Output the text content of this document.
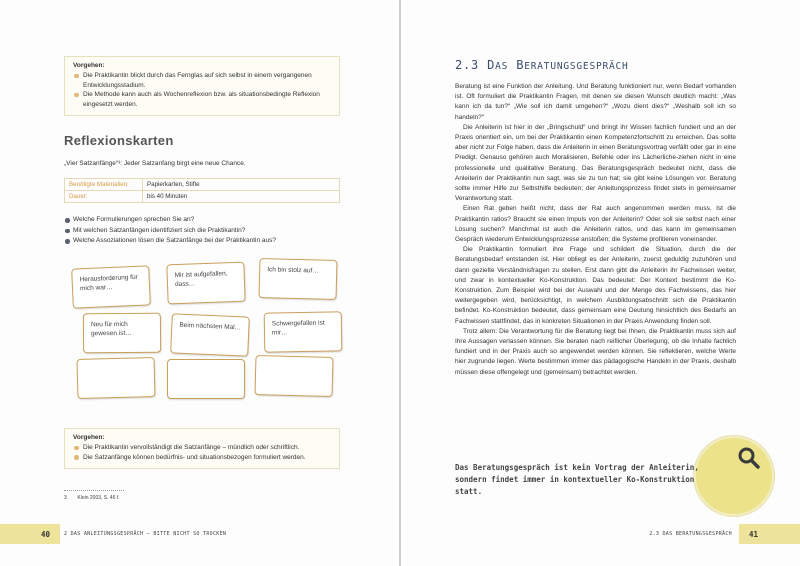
Vorgehen:
Die Praktikantin blickt durch das Fernglas auf sich selbst in einem vergangenen Entwicklungsstadium.
Die Methode kann auch als Wochenreflexion bzw. als situationsbedingte Reflexion eingesetzt werden.
Reflexionskarten
„Vier Satzanfänge“³: Jeder Satzanfang birgt eine neue Chance.
Benötigte Materialien:	Papierkarten, Stifte
Dauer:	bis 40 Minuten
Welche Formulierungen sprechen Sie an?
Mit welchen Satzanfängen identifiziert sich die Praktikantin?
Welche Assoziationen lösen die Satzanfänge bei der Praktikantin aus?
Herausforderung für mich war…
Mir ist aufgefallen, dass…
Ich bin stolz auf…
Neu für mich gewesen ist…
Beim nächsten Mal…	Schwergefallen ist mir…
Vorgehen:
Die Praktikantin vervollständigt die Satzanfänge – mündlich oder schriftlich.
Die Satzanfänge können bedürfnis- und situationsbezogen formuliert werden.
3 Klein 2003, S. 46 f.
40	2 DAS ANLEITUNGSGESPRÄCH – BITTE NICHT SO TROCKEN
2.3 DAS BERATUNGSGESPRÄCH

Beratung ist eine Funktion der Anleitung. Und Beratung funktioniert nur, wenn Bedarf vorhanden ist. Oft formuliert die Praktikantin Fragen, mit denen sie diesen Wunsch deutlich macht: „Was kann ich da tun?“ „Wie soll ich damit umgehen?“ „Wozu dient dies?“ „Weshalb soll ich so handeln?“

Die Anleiterin ist hier in der „Bringschuld“ und bringt ihr Wissen fachlich fundiert und an der Praxis orientiert ein, um bei der Praktikantin einen Kompetenzfortschritt zu erreichen. Das sollte aber nicht zur Folge haben, dass die Anleiterin in einen Beratungsvortrag verfällt oder gar in eine Predigt. Genauso gehören auch Moralisieren, Befehle oder ins Lächerliche-ziehen nicht in eine professionelle und qualitative Beratung. Das Beratungsgespräch bedeutet nicht, dass die Anleiterin der Praktikantin nun sagt, was sie zu tun hat; sie gibt keine Lösungen vor. Beratung sollte immer Hilfe zur Selbsthilfe bedeuten; der Anleitungsprozess findet stets in gemeinsamer Verantwortung statt.

Einen Rat geben heißt nicht, dass der Rat auch angenommen werden muss. Ist die Praktikantin ratlos? Braucht sie einen Impuls von der Anleiterin? Oder soll sie selbst nach einer Lösung suchen? Manchmal ist auch die Anleiterin ratlos, und das kann im gemeinsamen Gespräch wiederum Entwicklungsprozesse anstoßen; die Systeme profitieren voneinander.

Die Praktikantin formuliert ihre Frage und schildert die Situation, durch die der Beratungsbedarf entstanden ist. Hier obliegt es der Anleiterin, zuerst geduldig zuzuhören und dann gezielte Verständnisfragen zu stellen. Erst dann gibt die Anleiterin ihr Fachwissen weiter, und zwar in kontextueller Ko-Konstruktion. Das bedeutet: Der Kontext bestimmt die Ko-Konstruktion. Zum Beispiel wird bei der Auswahl und der Menge des Fachwissens, das hier weitergegeben wird, berücksichtigt, in welchem Ausbildungsabschnitt sich die Praktikantin befindet. Ko-Konstruktion bedeutet, dass gemeinsam eine Deutung hinsichtlich des Bedarfs an Fachwissen stattfindet, das in konkreten Situationen in der Praxis Anwendung finden soll.

Trotz allem: Die Verantwortung für die Beratung liegt bei Ihnen, die Praktikantin muss sich auf Ihre Aussagen verlassen können. Sie beraten nach reiflicher Überlegung, ob die Inhalte fachlich fundiert und in der Praxis auch so angewendet werden können. Sie reflektieren, welche Werte hier zugrunde liegen. Werte bestimmen immer das pädagogische Handeln in der Praxis, deshalb müssen diese offengelegt und (gemeinsam) betrachtet werden.

Das Beratungsgespräch ist kein Vortrag der Anleiterin, sondern findet immer in kontextueller Ko-Konstruktion statt.
2.3 DAS BERATUNGSGESPRÄCH	41
